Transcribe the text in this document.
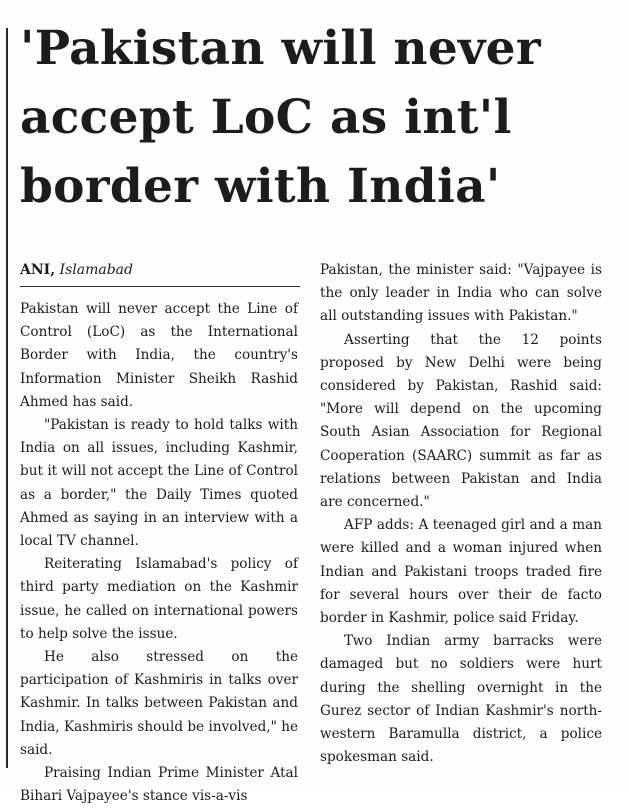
'Pakistan will never
accept LoC as int'l
border with India'
ANI, Islamabad

Pakistan will never accept the Line of Control (LoC) as the International Border with India, the country's Information Minister Sheikh Rashid Ahmed has said.

"Pakistan is ready to hold talks with India on all issues, including Kashmir, but it will not accept the Line of Control as a border," the Daily Times quoted Ahmed as saying in an interview with a local TV channel.

Reiterating Islamabad's policy of third party mediation on the Kashmir issue, he called on international powers to help solve the issue.

He also stressed on the participation of Kashmiris in talks over Kashmir. In talks between Pakistan and India, Kashmiris should be involved," he said.

Praising Indian Prime Minister Atal Bihari Vajpayee's stance vis-a-vis

Pakistan, the minister said: "Vajpayee is the only leader in India who can solve all outstanding issues with Pakistan."

Asserting that the 12 points proposed by New Delhi were being considered by Pakistan, Rashid said: "More will depend on the upcoming South Asian Association for Regional Cooperation (SAARC) summit as far as relations between Pakistan and India are concerned."

AFP adds: A teenaged girl and a man were killed and a woman injured when Indian and Pakistani troops traded fire for several hours over their de facto border in Kashmir, police said Friday.

Two Indian army barracks were damaged but no soldiers were hurt during the shelling overnight in the Gurez sector of Indian Kashmir's north-western Baramulla district, a police spokesman said.
